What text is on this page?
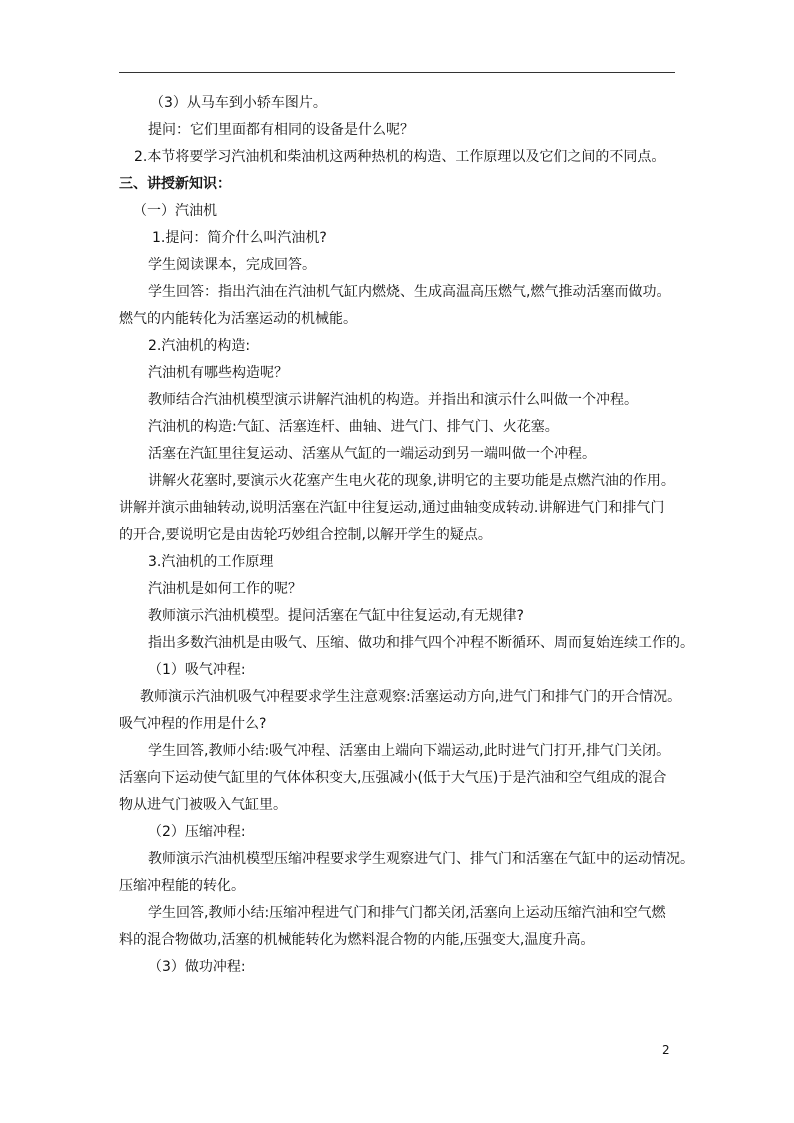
（3）从马车到小轿车图片。
提问：它们里面都有相同的设备是什么呢？
2.本节将要学习汽油机和柴油机这两种热机的构造、工作原理以及它们之间的不同点。
三、讲授新知识：
（一）汽油机
1.提问：简介什么叫汽油机?
学生阅读课本，完成回答。
学生回答：指出汽油在汽油机气缸内燃烧、生成高温高压燃气,燃气推动活塞而做功。
燃气的内能转化为活塞运动的机械能。
2.汽油机的构造:
汽油机有哪些构造呢？
教师结合汽油机模型演示讲解汽油机的构造。并指出和演示什么叫做一个冲程。
汽油机的构造:气缸、活塞连杆、曲轴、进气门、排气门、火花塞。
活塞在汽缸里往复运动、活塞从气缸的一端运动到另一端叫做一个冲程。
讲解火花塞时,要演示火花塞产生电火花的现象,讲明它的主要功能是点燃汽油的作用。
讲解并演示曲轴转动,说明活塞在汽缸中往复运动,通过曲轴变成转动.讲解进气门和排气门
的开合,要说明它是由齿轮巧妙组合控制,以解开学生的疑点。
3.汽油机的工作原理
汽油机是如何工作的呢？
教师演示汽油机模型。提问活塞在气缸中往复运动,有无规律?
指出多数汽油机是由吸气、压缩、做功和排气四个冲程不断循环、周而复始连续工作的。
（1）吸气冲程:
教师演示汽油机吸气冲程要求学生注意观察:活塞运动方向,进气门和排气门的开合情况。
吸气冲程的作用是什么?
学生回答,教师小结:吸气冲程、活塞由上端向下端运动,此时进气门打开,排气门关闭。
活塞向下运动使气缸里的气体体积变大,压强减小(低于大气压)于是汽油和空气组成的混合
物从进气门被吸入气缸里。
（2）压缩冲程:
教师演示汽油机模型压缩冲程要求学生观察进气门、排气门和活塞在气缸中的运动情况。
压缩冲程能的转化。
学生回答,教师小结:压缩冲程进气门和排气门都关闭,活塞向上运动压缩汽油和空气燃
料的混合物做功,活塞的机械能转化为燃料混合物的内能,压强变大,温度升高。
（3）做功冲程:
2
